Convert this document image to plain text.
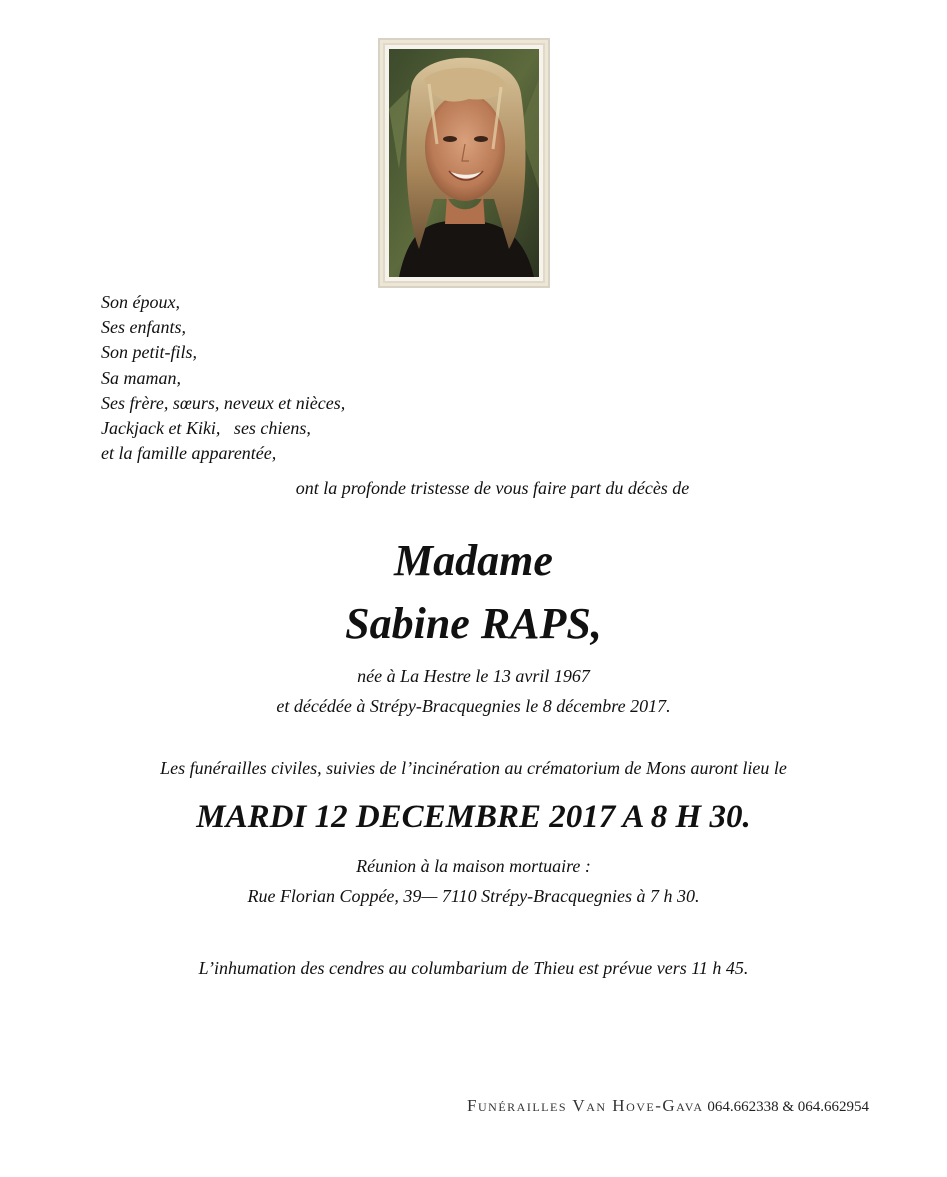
Son époux,
Ses enfants,
Son petit-fils,
Sa maman,
Ses frère, sœurs, neveux et nièces,
Jackjack et Kiki,   ses chiens,
et la famille apparentée,
ont la profonde tristesse de vous faire part du décès de
Madame
Sabine RAPS,
née à La Hestre le 13 avril 1967
et décédée à Strépy-Bracquegnies le 8 décembre 2017.
Les funérailles civiles, suivies de l’incinération au crématorium de Mons auront lieu le
MARDI 12 DECEMBRE 2017 A 8 H 30.
Réunion à la maison mortuaire :
Rue Florian Coppée, 39— 7110 Strépy-Bracquegnies à 7 h 30.
L’inhumation des cendres au columbarium de Thieu est prévue vers 11 h 45.
Funérailles Van Hove-Gava 064.662338 & 064.662954
